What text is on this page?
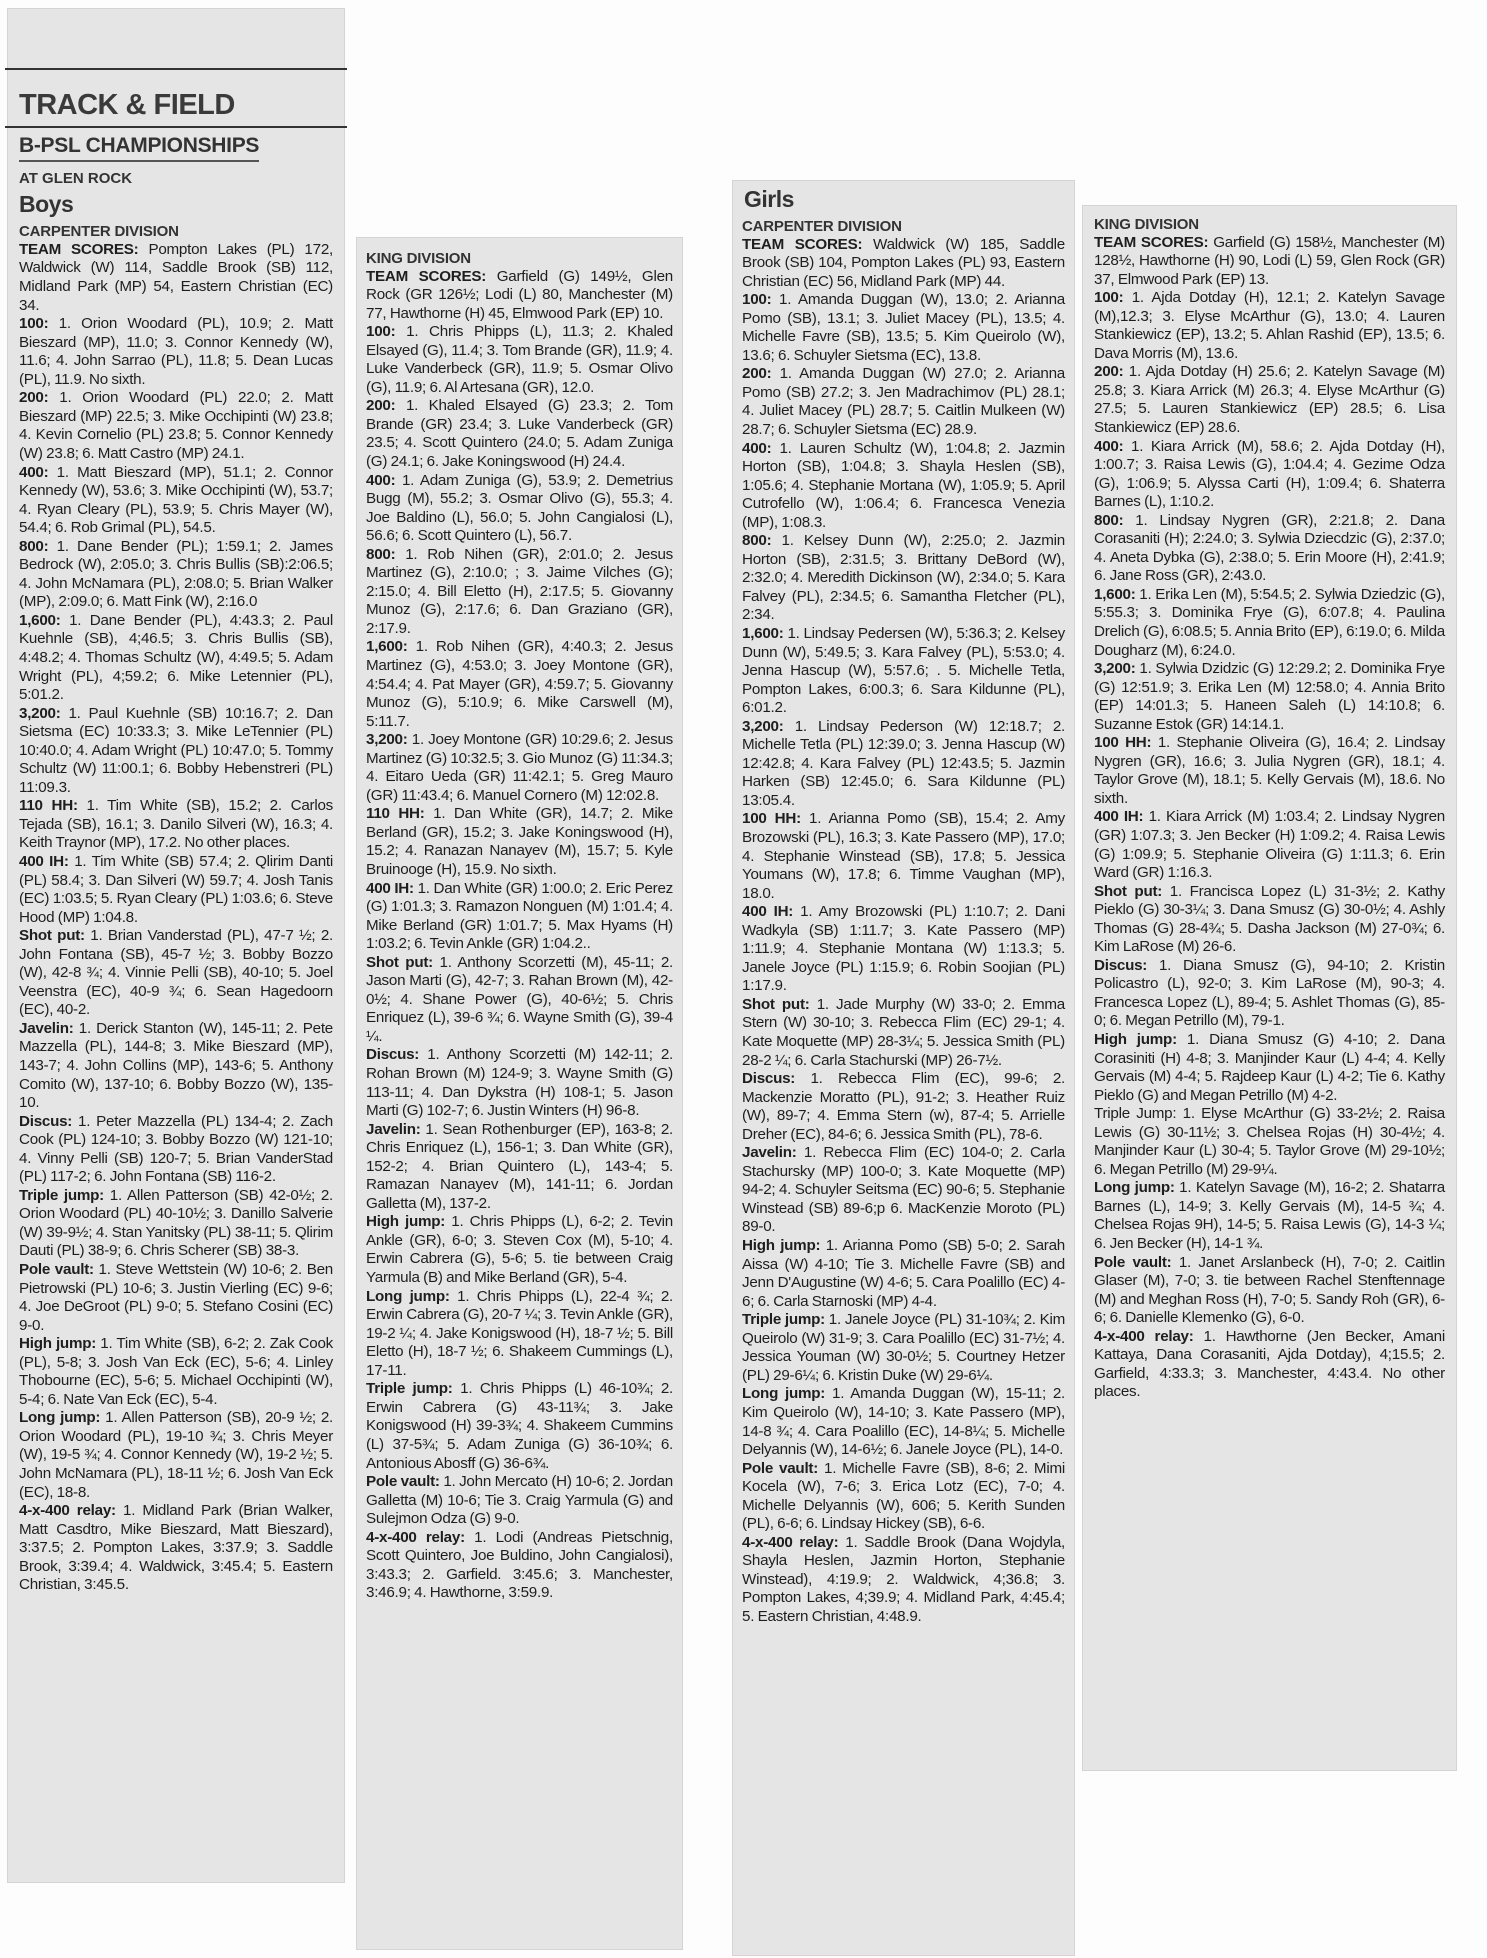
TRACK & FIELD
B-PSL CHAMPIONSHIPS
AT GLEN ROCK
Boys
CARPENTER DIVISION

TEAM SCORES: Pompton Lakes (PL) 172, Waldwick (W) 114, Saddle Brook (SB) 112, Midland Park (MP) 54, Eastern Christian (EC) 34.

100: 1. Orion Woodard (PL), 10.9; 2. Matt Bieszard (MP), 11.0; 3. Connor Kennedy (W), 11.6; 4. John Sarrao (PL), 11.8; 5. Dean Lucas (PL), 11.9. No sixth.

200: 1. Orion Woodard (PL) 22.0; 2. Matt Bieszard (MP) 22.5; 3. Mike Occhipinti (W) 23.8; 4. Kevin Cornelio (PL) 23.8; 5. Connor Kennedy (W) 23.8; 6. Matt Castro (MP) 24.1.

400: 1. Matt Bieszard (MP), 51.1; 2. Connor Kennedy (W), 53.6; 3. Mike Occhipinti (W), 53.7; 4. Ryan Cleary (PL), 53.9; 5. Chris Mayer (W), 54.4; 6. Rob Grimal (PL), 54.5.

800: 1. Dane Bender (PL); 1:59.1; 2. James Bedrock (W), 2:05.0; 3. Chris Bullis (SB):2:06.5; 4. John McNamara (PL), 2:08.0; 5. Brian Walker (MP), 2:09.0; 6. Matt Fink (W), 2:16.0

1,600: 1. Dane Bender (PL), 4:43.3; 2. Paul Kuehnle (SB), 4;46.5; 3. Chris Bullis (SB), 4:48.2; 4. Thomas Schultz (W), 4:49.5; 5. Adam Wright (PL), 4;59.2; 6. Mike Letennier (PL), 5:01.2.

3,200: 1. Paul Kuehnle (SB) 10:16.7; 2. Dan Sietsma (EC) 10:33.3; 3. Mike LeTennier (PL) 10:40.0; 4. Adam Wright (PL) 10:47.0; 5. Tommy Schultz (W) 11:00.1; 6. Bobby Hebenstreri (PL) 11:09.3.

110 HH: 1. Tim White (SB), 15.2; 2. Carlos Tejada (SB), 16.1; 3. Danilo Silveri (W), 16.3; 4. Keith Traynor (MP), 17.2. No other places.

400 IH: 1. Tim White (SB) 57.4; 2. Qlirim Danti (PL) 58.4; 3. Dan Silveri (W) 59.7; 4. Josh Tanis (EC) 1:03.5; 5. Ryan Cleary (PL) 1:03.6; 6. Steve Hood (MP) 1:04.8.

Shot put: 1. Brian Vanderstad (PL), 47-7 ½; 2. John Fontana (SB), 45-7 ½; 3. Bobby Bozzo (W), 42-8 ¾; 4. Vinnie Pelli (SB), 40-10; 5. Joel Veenstra (EC), 40-9 ¾; 6. Sean Hagedoorn (EC), 40-2.

Javelin: 1. Derick Stanton (W), 145-11; 2. Pete Mazzella (PL), 144-8; 3. Mike Bieszard (MP), 143-7; 4. John Collins (MP), 143-6; 5. Anthony Comito (W), 137-10; 6. Bobby Bozzo (W), 135-10.

Discus: 1. Peter Mazzella (PL) 134-4; 2. Zach Cook (PL) 124-10; 3. Bobby Bozzo (W) 121-10; 4. Vinny Pelli (SB) 120-7; 5. Brian VanderStad (PL) 117-2; 6. John Fontana (SB) 116-2.

Triple jump: 1. Allen Patterson (SB) 42-0½; 2. Orion Woodard (PL) 40-10½; 3. Danillo Salverie (W) 39-9½; 4. Stan Yanitsky (PL) 38-11; 5. Qlirim Dauti (PL) 38-9; 6. Chris Scherer (SB) 38-3.

Pole vault: 1. Steve Wettstein (W) 10-6; 2. Ben Pietrowski (PL) 10-6; 3. Justin Vierling (EC) 9-6; 4. Joe DeGroot (PL) 9-0; 5. Stefano Cosini (EC) 9-0.

High jump: 1. Tim White (SB), 6-2; 2. Zak Cook (PL), 5-8; 3. Josh Van Eck (EC), 5-6; 4. Linley Thobourne (EC), 5-6; 5. Michael Occhipinti (W), 5-4; 6. Nate Van Eck (EC), 5-4.

Long jump: 1. Allen Patterson (SB), 20-9 ½; 2. Orion Woodard (PL), 19-10 ¾; 3. Chris Meyer (W), 19-5 ¾; 4. Connor Kennedy (W), 19-2 ½; 5. John McNamara (PL), 18-11 ½; 6. Josh Van Eck (EC), 18-8.

4-x-400 relay: 1. Midland Park (Brian Walker, Matt Casdtro, Mike Bieszard, Matt Bieszard), 3:37.5; 2. Pompton Lakes, 3:37.9; 3. Saddle Brook, 3:39.4; 4. Waldwick, 3:45.4; 5. Eastern Christian, 3:45.5.

KING DIVISION

TEAM SCORES: Garfield (G) 149½, Glen Rock (GR 126½; Lodi (L) 80, Manchester (M) 77, Hawthorne (H) 45, Elmwood Park (EP) 10.

100: 1. Chris Phipps (L), 11.3; 2. Khaled Elsayed (G), 11.4; 3. Tom Brande (GR), 11.9; 4. Luke Vanderbeck (GR), 11.9; 5. Osmar Olivo (G), 11.9; 6. Al Artesana (GR), 12.0.

200: 1. Khaled Elsayed (G) 23.3; 2. Tom Brande (GR) 23.4; 3. Luke Vanderbeck (GR) 23.5; 4. Scott Quintero (24.0; 5. Adam Zuniga (G) 24.1; 6. Jake Koningswood (H) 24.4.

400: 1. Adam Zuniga (G), 53.9; 2. Demetrius Bugg (M), 55.2; 3. Osmar Olivo (G), 55.3; 4. Joe Baldino (L), 56.0; 5. John Cangialosi (L), 56.6; 6. Scott Quintero (L), 56.7.

800: 1. Rob Nihen (GR), 2:01.0; 2. Jesus Martinez (G), 2:10.0; ; 3. Jaime Vilches (G); 2:15.0; 4. Bill Eletto (H), 2:17.5; 5. Giovanny Munoz (G), 2:17.6; 6. Dan Graziano (GR), 2:17.9.

1,600: 1. Rob Nihen (GR), 4:40.3; 2. Jesus Martinez (G), 4:53.0; 3. Joey Montone (GR), 4:54.4; 4. Pat Mayer (GR), 4:59.7; 5. Giovanny Munoz (G), 5:10.9; 6. Mike Carswell (M), 5:11.7.

3,200: 1. Joey Montone (GR) 10:29.6; 2. Jesus Martinez (G) 10:32.5; 3. Gio Munoz (G) 11:34.3; 4. Eitaro Ueda (GR) 11:42.1; 5. Greg Mauro (GR) 11:43.4; 6. Manuel Cornero (M) 12:02.8.

110 HH: 1. Dan White (GR), 14.7; 2. Mike Berland (GR), 15.2; 3. Jake Koningswood (H), 15.2; 4. Ranazan Nanayev (M), 15.7; 5. Kyle Bruinooge (H), 15.9. No sixth.

400 IH: 1. Dan White (GR) 1:00.0; 2. Eric Perez (G) 1:01.3; 3. Ramazon Nonguen (M) 1:01.4; 4. Mike Berland (GR) 1:01.7; 5. Max Hyams (H) 1:03.2; 6. Tevin Ankle (GR) 1:04.2..

Shot put: 1. Anthony Scorzetti (M), 45-11; 2. Jason Marti (G), 42-7; 3. Rahan Brown (M), 42-0½; 4. Shane Power (G), 40-6½; 5. Chris Enriquez (L), 39-6 ¾; 6. Wayne Smith (G), 39-4 ¼.

Discus: 1. Anthony Scorzetti (M) 142-11; 2. Rohan Brown (M) 124-9; 3. Wayne Smith (G) 113-11; 4. Dan Dykstra (H) 108-1; 5. Jason Marti (G) 102-7; 6. Justin Winters (H) 96-8.

Javelin: 1. Sean Rothenburger (EP), 163-8; 2. Chris Enriquez (L), 156-1; 3. Dan White (GR), 152-2; 4. Brian Quintero (L), 143-4; 5. Ramazan Nanayev (M), 141-11; 6. Jordan Galletta (M), 137-2.

High jump: 1. Chris Phipps (L), 6-2; 2. Tevin Ankle (GR), 6-0; 3. Steven Cox (M), 5-10; 4. Erwin Cabrera (G), 5-6; 5. tie between Craig Yarmula (B) and Mike Berland (GR), 5-4.

Long jump: 1. Chris Phipps (L), 22-4 ¾; 2. Erwin Cabrera (G), 20-7 ¼; 3. Tevin Ankle (GR), 19-2 ¼; 4. Jake Konigswood (H), 18-7 ½; 5. Bill Eletto (H), 18-7 ½; 6. Shakeem Cummings (L), 17-11.

Triple jump: 1. Chris Phipps (L) 46-10¾; 2. Erwin Cabrera (G) 43-11¾; 3. Jake Konigswood (H) 39-3¾; 4. Shakeem Cummins (L) 37-5¾; 5. Adam Zuniga (G) 36-10¾; 6. Antonious Abosff (G) 36-6¾.

Pole vault: 1. John Mercato (H) 10-6; 2. Jordan Galletta (M) 10-6; Tie 3. Craig Yarmula (G) and Sulejmon Odza (G) 9-0.

4-x-400 relay: 1. Lodi (Andreas Pietschnig, Scott Quintero, Joe Buldino, John Cangialosi), 3:43.3; 2. Garfield. 3:45.6; 3. Manchester, 3:46.9; 4. Hawthorne, 3:59.9.

Girls
CARPENTER DIVISION

TEAM SCORES: Waldwick (W) 185, Saddle Brook (SB) 104, Pompton Lakes (PL) 93, Eastern Christian (EC) 56, Midland Park (MP) 44.

100: 1. Amanda Duggan (W), 13.0; 2. Arianna Pomo (SB), 13.1; 3. Juliet Macey (PL), 13.5; 4. Michelle Favre (SB), 13.5; 5. Kim Queirolo (W), 13.6; 6. Schuyler Sietsma (EC), 13.8.

200: 1. Amanda Duggan (W) 27.0; 2. Arianna Pomo (SB) 27.2; 3. Jen Madrachimov (PL) 28.1; 4. Juliet Macey (PL) 28.7; 5. Caitlin Mulkeen (W) 28.7; 6. Schuyler Sietsma (EC) 28.9.

400: 1. Lauren Schultz (W), 1:04.8; 2. Jazmin Horton (SB), 1:04.8; 3. Shayla Heslen (SB), 1:05.6; 4. Stephanie Mortana (W), 1:05.9; 5. April Cutrofello (W), 1:06.4; 6. Francesca Venezia (MP), 1:08.3.

800: 1. Kelsey Dunn (W), 2:25.0; 2. Jazmin Horton (SB), 2:31.5; 3. Brittany DeBord (W), 2:32.0; 4. Meredith Dickinson (W), 2:34.0; 5. Kara Falvey (PL), 2:34.5; 6. Samantha Fletcher (PL), 2:34.

1,600: 1. Lindsay Pedersen (W), 5:36.3; 2. Kelsey Dunn (W), 5:49.5; 3. Kara Falvey (PL), 5:53.0; 4. Jenna Hascup (W), 5:57.6; . 5. Michelle Tetla, Pompton Lakes, 6:00.3; 6. Sara Kildunne (PL), 6:01.2.

3,200: 1. Lindsay Pederson (W) 12:18.7; 2. Michelle Tetla (PL) 12:39.0; 3. Jenna Hascup (W) 12:42.8; 4. Kara Falvey (PL) 12:43.5; 5. Jazmin Harken (SB) 12:45.0; 6. Sara Kildunne (PL) 13:05.4.

100 HH: 1. Arianna Pomo (SB), 15.4; 2. Amy Brozowski (PL), 16.3; 3. Kate Passero (MP), 17.0; 4. Stephanie Winstead (SB), 17.8; 5. Jessica Youmans (W), 17.8; 6. Timme Vaughan (MP), 18.0.

400 IH: 1. Amy Brozowski (PL) 1:10.7; 2. Dani Wadkyla (SB) 1:11.7; 3. Kate Passero (MP) 1:11.9; 4. Stephanie Montana (W) 1:13.3; 5. Janele Joyce (PL) 1:15.9; 6. Robin Soojian (PL) 1:17.9.

Shot put: 1. Jade Murphy (W) 33-0; 2. Emma Stern (W) 30-10; 3. Rebecca Flim (EC) 29-1; 4. Kate Moquette (MP) 28-3¼; 5. Jessica Smith (PL) 28-2 ¼; 6. Carla Stachurski (MP) 26-7½.

Discus: 1. Rebecca Flim (EC), 99-6; 2. Mackenzie Moratto (PL), 91-2; 3. Heather Ruiz (W), 89-7; 4. Emma Stern (w), 87-4; 5. Arrielle Dreher (EC), 84-6; 6. Jessica Smith (PL), 78-6.

Javelin: 1. Rebecca Flim (EC) 104-0; 2. Carla Stachursky (MP) 100-0; 3. Kate Moquette (MP) 94-2; 4. Schuyler Seitsma (EC) 90-6; 5. Stephanie Winstead (SB) 89-6;p 6. MacKenzie Moroto (PL) 89-0.

High jump: 1. Arianna Pomo (SB) 5-0; 2. Sarah Aissa (W) 4-10; Tie 3. Michelle Favre (SB) and Jenn D'Augustine (W) 4-6; 5. Cara Poalillo (EC) 4-6; 6. Carla Starnoski (MP) 4-4.

Triple jump: 1. Janele Joyce (PL) 31-10¾; 2. Kim Queirolo (W) 31-9; 3. Cara Poalillo (EC) 31-7½; 4. Jessica Youman (W) 30-0½; 5. Courtney Hetzer (PL) 29-6¼; 6. Kristin Duke (W) 29-6¼.

Long jump: 1. Amanda Duggan (W), 15-11; 2. Kim Queirolo (W), 14-10; 3. Kate Passero (MP), 14-8 ¾; 4. Cara Poalillo (EC), 14-8¼; 5. Michelle Delyannis (W), 14-6½; 6. Janele Joyce (PL), 14-0.

Pole vault: 1. Michelle Favre (SB), 8-6; 2. Mimi Kocela (W), 7-6; 3. Erica Lotz (EC), 7-0; 4. Michelle Delyannis (W), 606; 5. Kerith Sunden (PL), 6-6; 6. Lindsay Hickey (SB), 6-6.

4-x-400 relay: 1. Saddle Brook (Dana Wojdyla, Shayla Heslen, Jazmin Horton, Stephanie Winstead), 4:19.9; 2. Waldwick, 4;36.8; 3. Pompton Lakes, 4;39.9; 4. Midland Park, 4:45.4; 5. Eastern Christian, 4:48.9.

KING DIVISION

TEAM SCORES: Garfield (G) 158½, Manchester (M) 128½, Hawthorne (H) 90, Lodi (L) 59, Glen Rock (GR) 37, Elmwood Park (EP) 13.

100: 1. Ajda Dotday (H), 12.1; 2. Katelyn Savage (M),12.3; 3. Elyse McArthur (G), 13.0; 4. Lauren Stankiewicz (EP), 13.2; 5. Ahlan Rashid (EP), 13.5; 6. Dava Morris (M), 13.6.

200: 1. Ajda Dotday (H) 25.6; 2. Katelyn Savage (M) 25.8; 3. Kiara Arrick (M) 26.3; 4. Elyse McArthur (G) 27.5; 5. Lauren Stankiewicz (EP) 28.5; 6. Lisa Stankiewicz (EP) 28.6.

400: 1. Kiara Arrick (M), 58.6; 2. Ajda Dotday (H), 1:00.7; 3. Raisa Lewis (G), 1:04.4; 4. Gezime Odza (G), 1:06.9; 5. Alyssa Carti (H), 1:09.4; 6. Shaterra Barnes (L), 1:10.2.

800: 1. Lindsay Nygren (GR), 2:21.8; 2. Dana Corasaniti (H); 2:24.0; 3. Sylwia Dziecdzic (G), 2:37.0; 4. Aneta Dybka (G), 2:38.0; 5. Erin Moore (H), 2:41.9; 6. Jane Ross (GR), 2:43.0.

1,600: 1. Erika Len (M), 5:54.5; 2. Sylwia Dziedzic (G), 5:55.3; 3. Dominika Frye (G), 6:07.8; 4. Paulina Drelich (G), 6:08.5; 5. Annia Brito (EP), 6:19.0; 6. Milda Dougharz (M), 6:24.0.

3,200: 1. Sylwia Dzidzic (G) 12:29.2; 2. Dominika Frye (G) 12:51.9; 3. Erika Len (M) 12:58.0; 4. Annia Brito (EP) 14:01.3; 5. Haneen Saleh (L) 14:10.8; 6. Suzanne Estok (GR) 14:14.1.

100 HH: 1. Stephanie Oliveira (G), 16.4; 2. Lindsay Nygren (GR), 16.6; 3. Julia Nygren (GR), 18.1; 4. Taylor Grove (M), 18.1; 5. Kelly Gervais (M), 18.6. No sixth.

400 IH: 1. Kiara Arrick (M) 1:03.4; 2. Lindsay Nygren (GR) 1:07.3; 3. Jen Becker (H) 1:09.2; 4. Raisa Lewis (G) 1:09.9; 5. Stephanie Oliveira (G) 1:11.3; 6. Erin Ward (GR) 1:16.3.

Shot put: 1. Francisca Lopez (L) 31-3½; 2. Kathy Pieklo (G) 30-3¼; 3. Dana Smusz (G) 30-0½; 4. Ashly Thomas (G) 28-4¾; 5. Dasha Jackson (M) 27-0¾; 6. Kim LaRose (M) 26-6.

Discus: 1. Diana Smusz (G), 94-10; 2. Kristin Policastro (L), 92-0; 3. Kim LaRose (M), 90-3; 4. Francesca Lopez (L), 89-4; 5. Ashlet Thomas (G), 85-0; 6. Megan Petrillo (M), 79-1.

High jump: 1. Diana Smusz (G) 4-10; 2. Dana Corasiniti (H) 4-8; 3. Manjinder Kaur (L) 4-4; 4. Kelly Gervais (M) 4-4; 5. Rajdeep Kaur (L) 4-2; Tie 6. Kathy Pieklo (G) and Megan Petrillo (M) 4-2.

Triple Jump: 1. Elyse McArthur (G) 33-2½; 2. Raisa Lewis (G) 30-11½; 3. Chelsea Rojas (H) 30-4½; 4. Manjinder Kaur (L) 30-4; 5. Taylor Grove (M) 29-10½; 6. Megan Petrillo (M) 29-9¼.

Long jump: 1. Katelyn Savage (M), 16-2; 2. Shatarra Barnes (L), 14-9; 3. Kelly Gervais (M), 14-5 ¾; 4. Chelsea Rojas 9H), 14-5; 5. Raisa Lewis (G), 14-3 ¼; 6. Jen Becker (H), 14-1 ¾.

Pole vault: 1. Janet Arslanbeck (H), 7-0; 2. Caitlin Glaser (M), 7-0; 3. tie between Rachel Stenftennage (M) and Meghan Ross (H), 7-0; 5. Sandy Roh (GR), 6-6; 6. Danielle Klemenko (G), 6-0.

4-x-400 relay: 1. Hawthorne (Jen Becker, Amani Kattaya, Dana Corasaniti, Ajda Dotday), 4;15.5; 2. Garfield, 4:33.3; 3. Manchester, 4:43.4. No other places.
